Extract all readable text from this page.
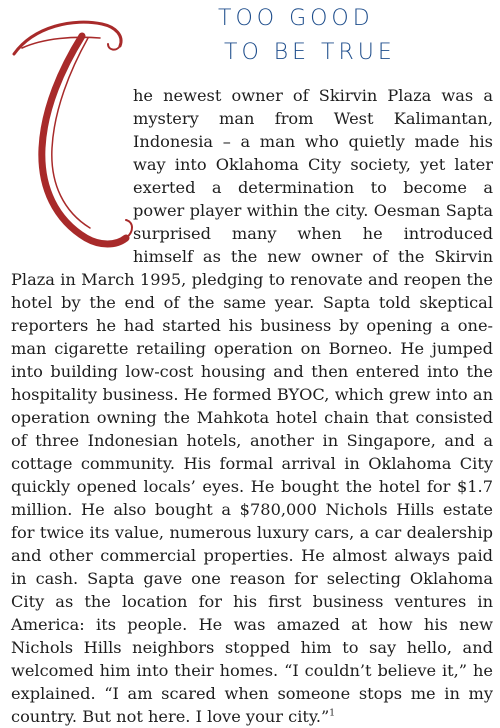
TOO GOOD
TO BE TRUE

he newest owner of Skirvin Plaza was a mystery man from West Kalimantan, Indonesia – a man who quietly made his way into Oklahoma City society, yet later exerted a determination to become a power player within the city. Oesman Sapta surprised many when he introduced himself as the new owner of the Skirvin Plaza in March 1995, pledging to renovate and reopen the hotel by the end of the same year. Sapta told skeptical reporters he had started his business by opening a one-man cigarette retailing operation on Borneo. He jumped into building low-cost housing and then entered into the hospitality business. He formed BYOC, which grew into an operation owning the Mahkota hotel chain that consisted of three Indonesian hotels, another in Singapore, and a cottage community. His formal arrival in Oklahoma City quickly opened locals’ eyes. He bought the hotel for $1.7 million. He also bought a $780,000 Nichols Hills estate for twice its value, numerous luxury cars, a car dealership and other commercial properties. He almost always paid in cash. Sapta gave one reason for selecting Oklahoma City as the location for his first business ventures in America: its people. He was amazed at how his new Nichols Hills neighbors stopped him to say hello, and welcomed him into their homes. “I couldn’t believe it,” he explained. “I am scared when someone stops me in my country. But not here. I love your city.”$^1$
